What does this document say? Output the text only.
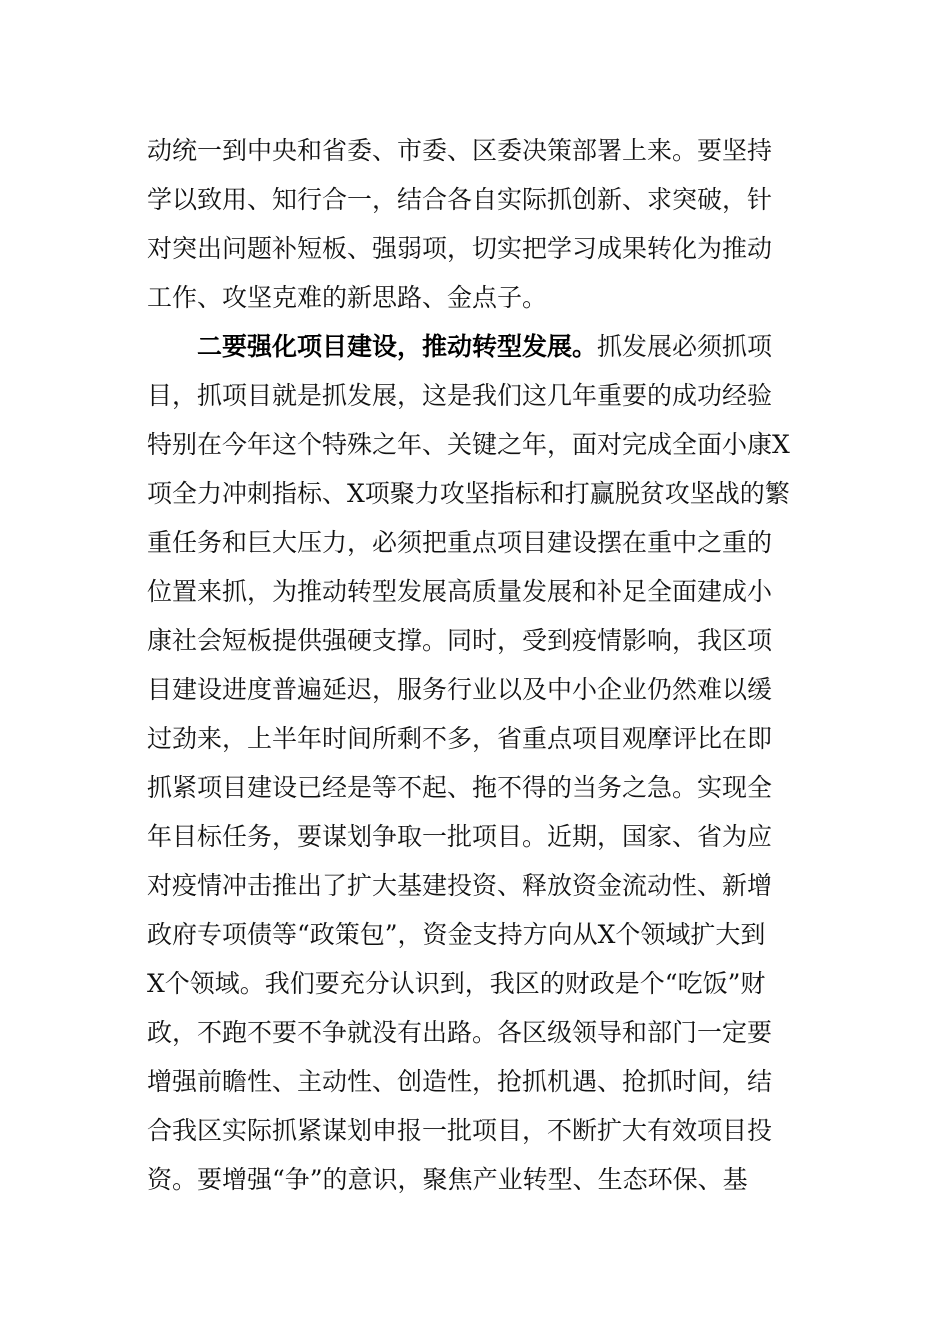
动统一到中央和省委、市委、区委决策部署上来。要坚持
学以致用、知行合一，结合各自实际抓创新、求突破，针
对突出问题补短板、强弱项，切实把学习成果转化为推动
工作、攻坚克难的新思路、金点子。
二要强化项目建设，推动转型发展。抓发展必须抓项
目，抓项目就是抓发展，这是我们这几年重要的成功经验
特别在今年这个特殊之年、关键之年，面对完成全面小康X
项全力冲刺指标、X项聚力攻坚指标和打赢脱贫攻坚战的繁
重任务和巨大压力，必须把重点项目建设摆在重中之重的
位置来抓，为推动转型发展高质量发展和补足全面建成小
康社会短板提供强硬支撑。同时，受到疫情影响，我区项
目建设进度普遍延迟，服务行业以及中小企业仍然难以缓
过劲来，上半年时间所剩不多，省重点项目观摩评比在即
抓紧项目建设已经是等不起、拖不得的当务之急。实现全
年目标任务，要谋划争取一批项目。近期，国家、省为应
对疫情冲击推出了扩大基建投资、释放资金流动性、新增
政府专项债等“政策包”，资金支持方向从X个领域扩大到
X个领域。我们要充分认识到，我区的财政是个“吃饭”财
政，不跑不要不争就没有出路。各区级领导和部门一定要
增强前瞻性、主动性、创造性，抢抓机遇、抢抓时间，结
合我区实际抓紧谋划申报一批项目，不断扩大有效项目投
资。要增强“争”的意识，聚焦产业转型、生态环保、基
